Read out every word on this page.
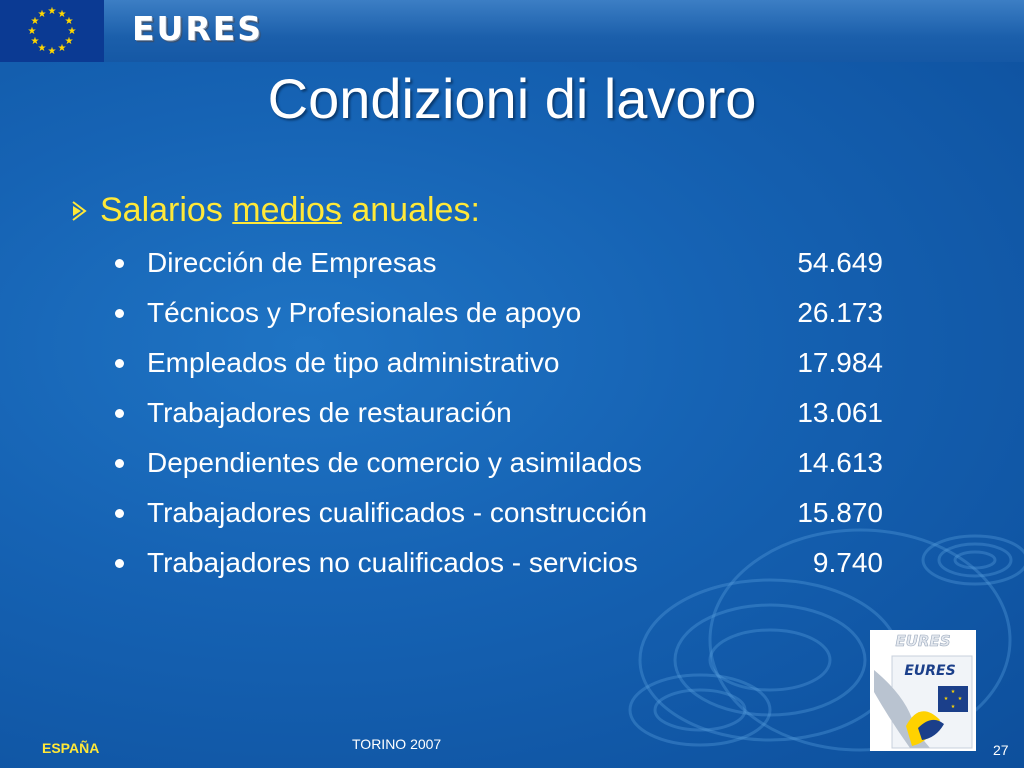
★ ★
★
★
★
★
★
★
★
★
★
★	EURES
Condizioni di lavoro
Salarios medios anuales:
Dirección de Empresas	54.649
Técnicos y Profesionales de apoyo	26.173
Empleados de tipo administrativo	17.984
Trabajadores de restauración	13.061
Dependientes de comercio y asimilados	14.613
Trabajadores cualificados - construcción	15.870
Trabajadores no cualificados - servicios	9.740
EURES
EURES
★
★
★
★
ESPAÑA	TORINO 2007	27
